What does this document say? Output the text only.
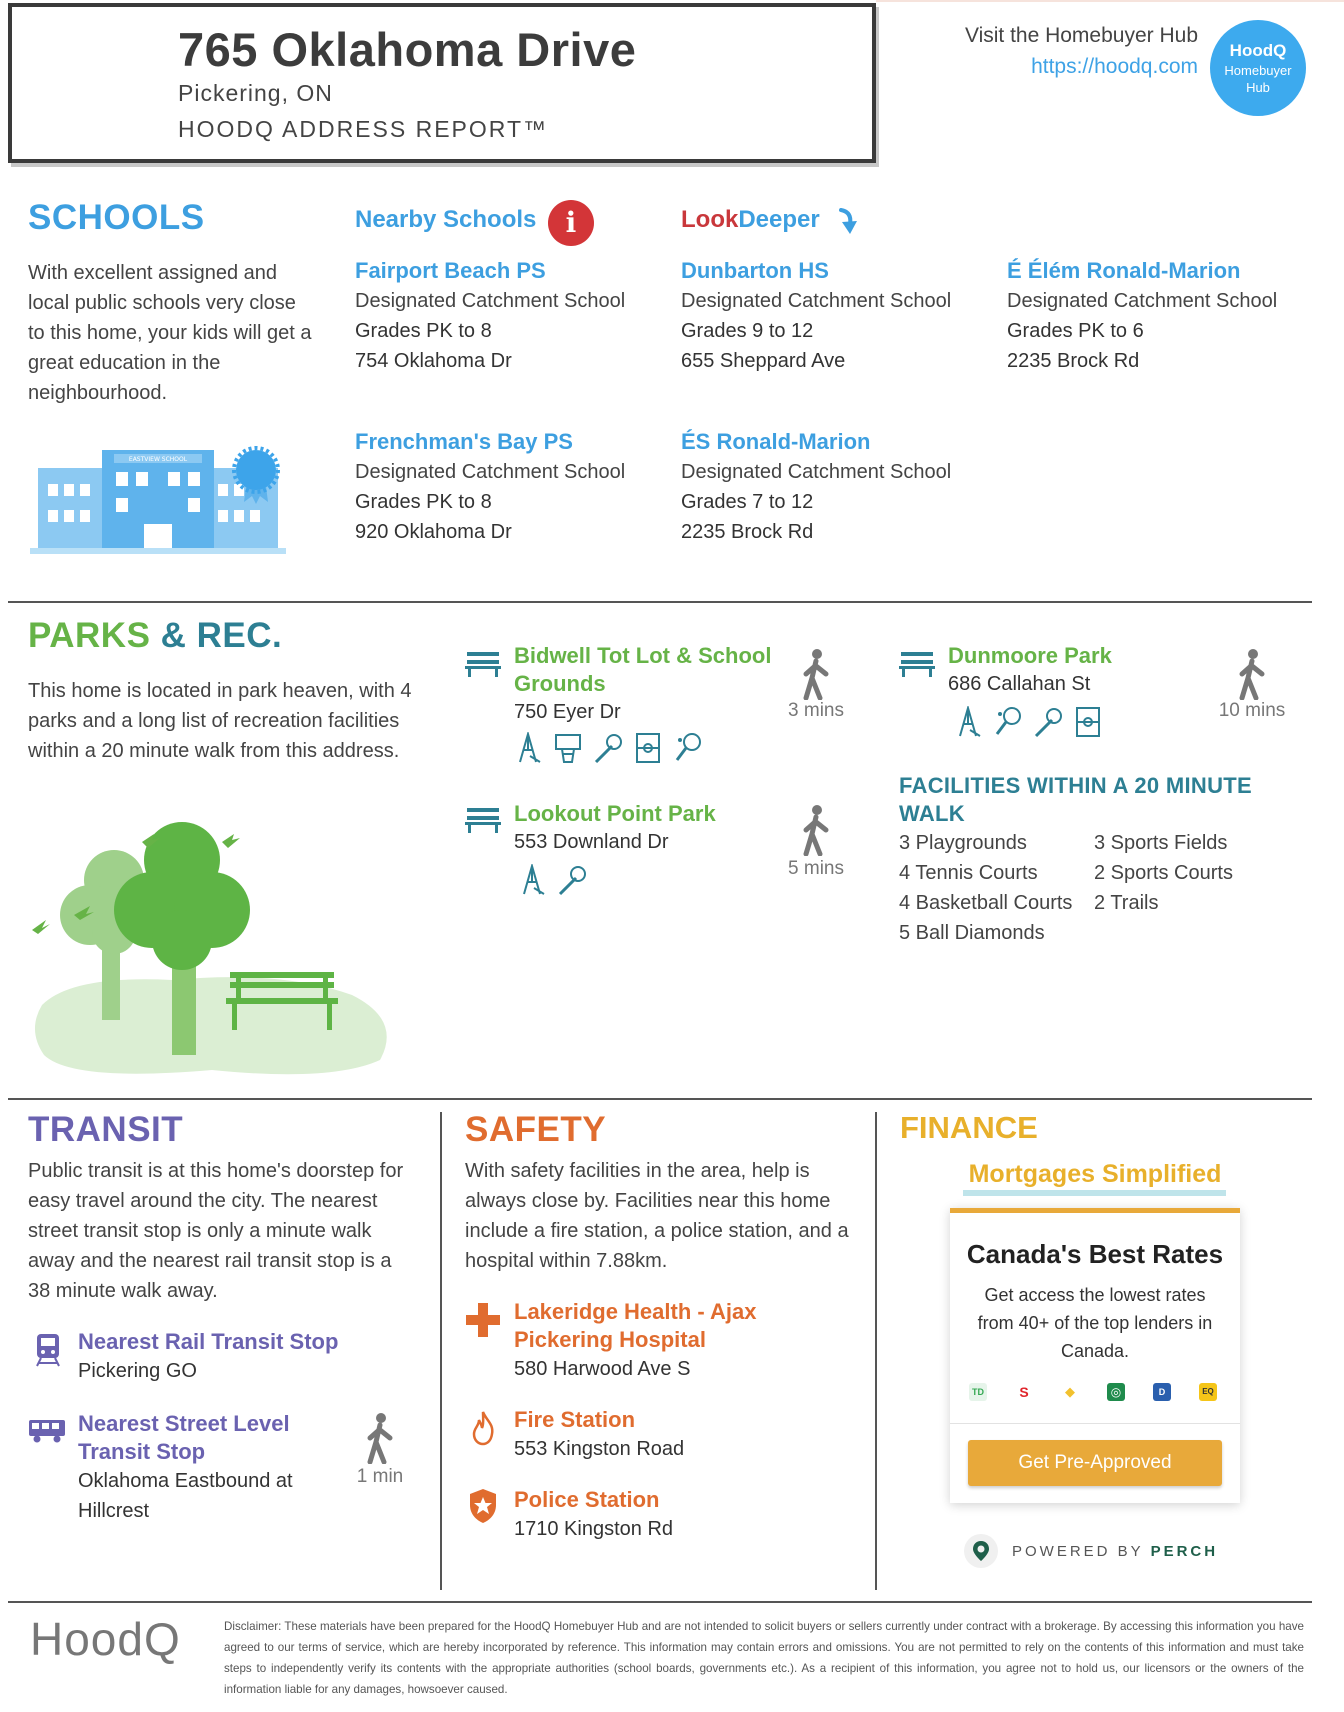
765 Oklahoma Drive
Pickering, ON
HOODQ ADDRESS REPORT™
Visit the Homebuyer Hub
https://hoodq.com
HoodQ
Homebuyer
Hub
SCHOOLS
With excellent assigned and local public schools very close to this home, your kids will get a great education in the neighbourhood.
EASTVIEW SCHOOL
Nearby Schools	i	LookDeeper
Fairport Beach PS
Designated Catchment School
Grades PK to 8
754 Oklahoma Dr
Dunbarton HS
Designated Catchment School
Grades 9 to 12
655 Sheppard Ave
É Élém Ronald-Marion
Designated Catchment School
Grades PK to 6
2235 Brock Rd
Frenchman's Bay PS
Designated Catchment School
Grades PK to 8
920 Oklahoma Dr
ÉS Ronald-Marion
Designated Catchment School
Grades 7 to 12
2235 Brock Rd
PARKS & REC.
This home is located in park heaven, with 4 parks and a long list of recreation facilities within a 20 minute walk from this address.
Bidwell Tot Lot & School Grounds
750 Eyer Dr	3 mins
Dunmoore Park
686 Callahan St
10 mins
Lookout Point Park
553 Downland Dr
5 mins
FACILITIES WITHIN A 20 MINUTE WALK
3 Playgrounds
4 Tennis Courts
4 Basketball Courts
5 Ball Diamonds
3 Sports Fields
2 Sports Courts
2 Trails
TRANSIT
Public transit is at this home's doorstep for easy travel around the city. The nearest street transit stop is only a minute walk away and the nearest rail transit stop is a 38 minute walk away.
Nearest Rail Transit Stop
Pickering GO
Nearest Street Level Transit Stop
Oklahoma Eastbound at Hillcrest
1 min
SAFETY
With safety facilities in the area, help is always close by. Facilities near this home include a fire station, a police station, and a hospital within 7.88km.
Lakeridge Health - Ajax Pickering Hospital
580 Harwood Ave S
Fire Station
553 Kingston Road
Police Station
1710 Kingston Rd
FINANCE
Mortgages Simplified
Canada's Best Rates
Get access the lowest rates from 40+ of the top lenders in Canada.
TD	S	◆	◎	D	EQ
Get Pre-Approved
POWERED BY PERCH
HoodQ	Disclaimer: These materials have been prepared for the HoodQ Homebuyer Hub and are not intended to solicit buyers or sellers currently under contract with a brokerage. By accessing this information you have agreed to our terms of service, which are hereby incorporated by reference. This information may contain errors and omissions. You are not permitted to rely on the contents of this information and must take steps to independently verify its contents with the appropriate authorities (school boards, governments etc.). As a recipient of this information, you agree not to hold us, our licensors or the owners of the information liable for any damages, howsoever caused.
